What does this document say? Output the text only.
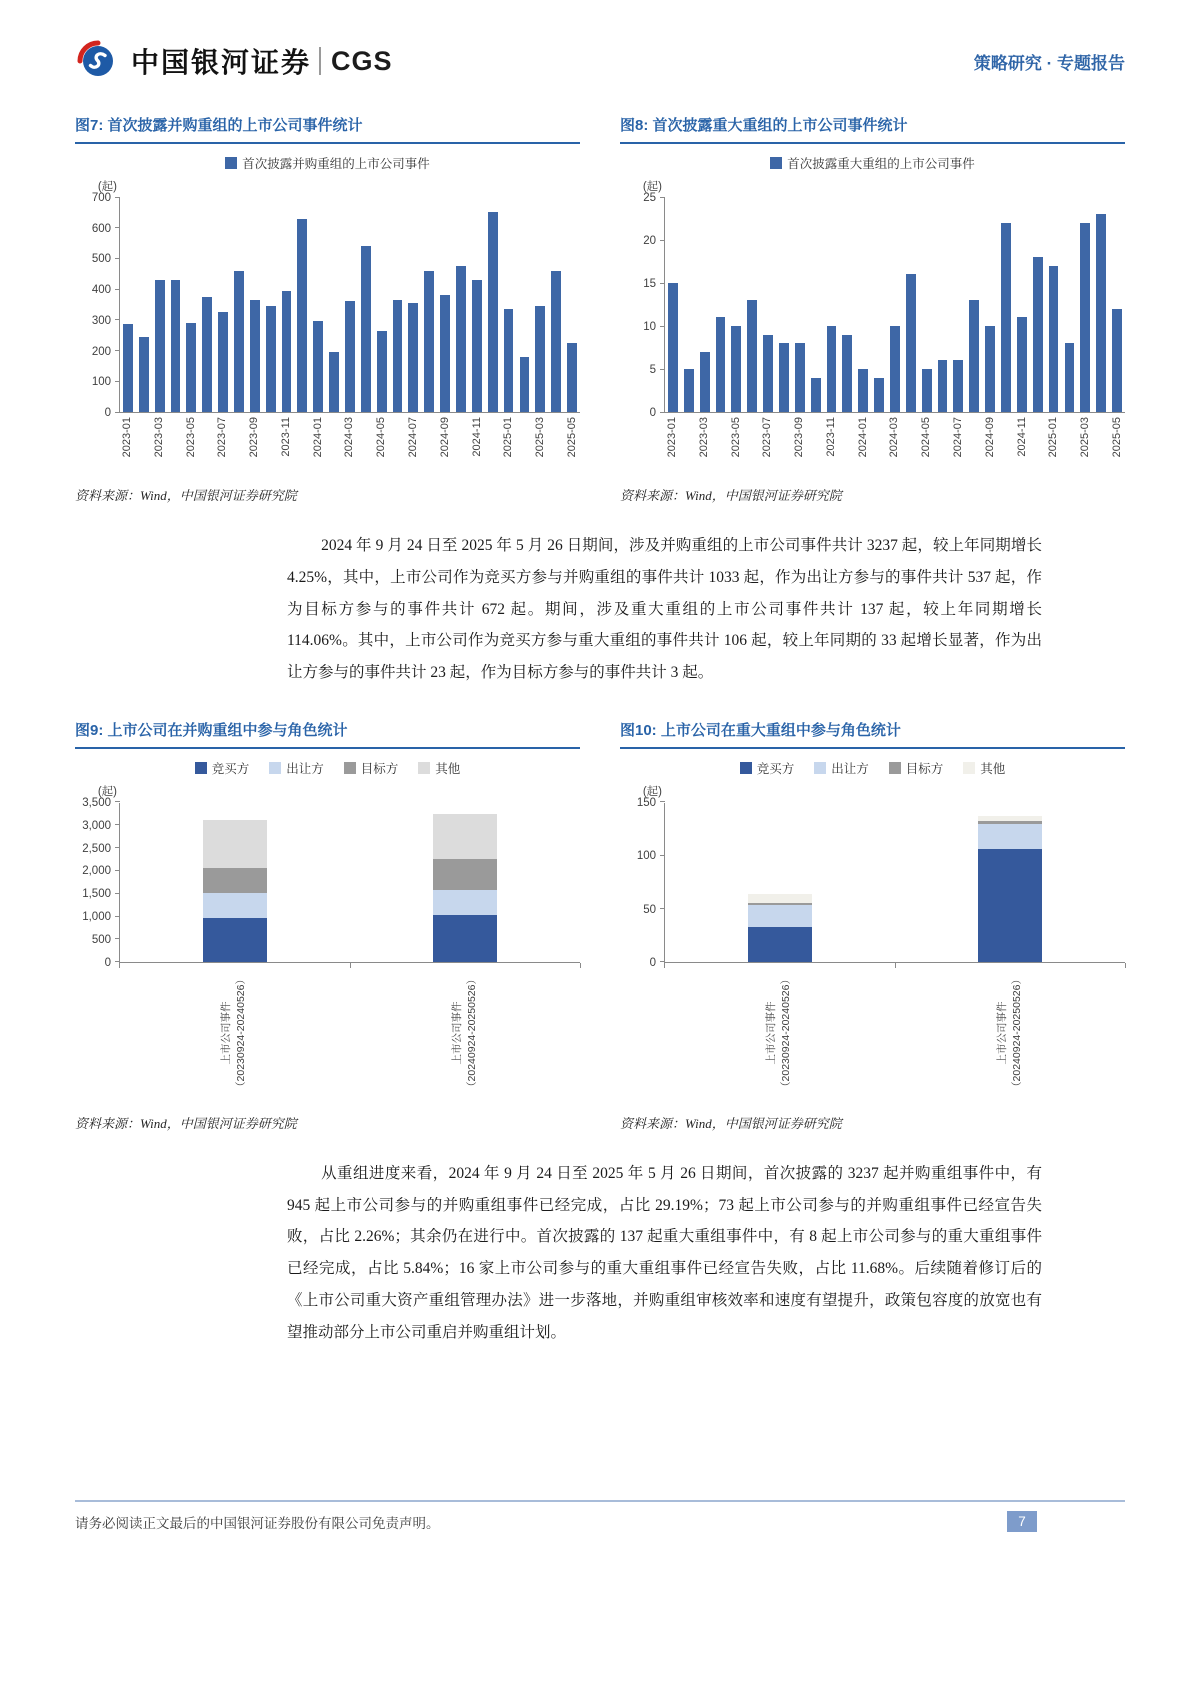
中国银河证券 CGS	策略研究 · 专题报告
图7: 首次披露并购重组的上市公司事件统计
首次披露并购重组的上市公司事件
(起)
0
100
200
300
400
500
600
700
2023-01 2023-03 2023-05 2023-07 2023-09 2023-11 2024-01 2024-03 2024-05 2024-07 2024-09 2024-11 2025-01 2025-03 2025-05
资料来源：Wind，中国银河证券研究院
图8: 首次披露重大重组的上市公司事件统计
首次披露重大重组的上市公司事件
(起)
0
5
10
15
20
25
2023-01 2023-03 2023-05 2023-07 2023-09 2023-11 2024-01 2024-03 2024-05 2024-07 2024-09 2024-11 2025-01 2025-03 2025-05
资料来源：Wind，中国银河证券研究院

2024 年 9 月 24 日至 2025 年 5 月 26 日期间，涉及并购重组的上市公司事件共计 3237 起，较上年同期增长 4.25%，其中，上市公司作为竞买方参与并购重组的事件共计 1033 起，作为出让方参与的事件共计 537 起，作为目标方参与的事件共计 672 起。期间，涉及重大重组的上市公司事件共计 137 起，较上年同期增长 114.06%。其中，上市公司作为竞买方参与重大重组的事件共计 106 起，较上年同期的 33 起增长显著，作为出让方参与的事件共计 23 起，作为目标方参与的事件共计 3 起。

图9: 上市公司在并购重组中参与角色统计
竞买方	出让方	目标方	其他
(起)
0
500
1,000
1,500
2,000
2,500
3,000
3,500
上市公司事件 （20230924-20240526）	上市公司事件 （20240924-20250526）
资料来源：Wind，中国银河证券研究院
图10: 上市公司在重大重组中参与角色统计
竞买方	出让方	目标方	其他
(起)
0
50
100
150
上市公司事件 （20230924-20240526）	上市公司事件 （20240924-20250526）
资料来源：Wind，中国银河证券研究院

从重组进度来看，2024 年 9 月 24 日至 2025 年 5 月 26 日期间，首次披露的 3237 起并购重组事件中，有 945 起上市公司参与的并购重组事件已经完成，占比 29.19%；73 起上市公司参与的并购重组事件已经宣告失败，占比 2.26%；其余仍在进行中。首次披露的 137 起重大重组事件中，有 8 起上市公司参与的重大重组事件已经完成，占比 5.84%；16 家上市公司参与的重大重组事件已经宣告失败，占比 11.68%。后续随着修订后的《上市公司重大资产重组管理办法》进一步落地，并购重组审核效率和速度有望提升，政策包容度的放宽也有望推动部分上市公司重启并购重组计划。

请务必阅读正文最后的中国银河证券股份有限公司免责声明。	7
